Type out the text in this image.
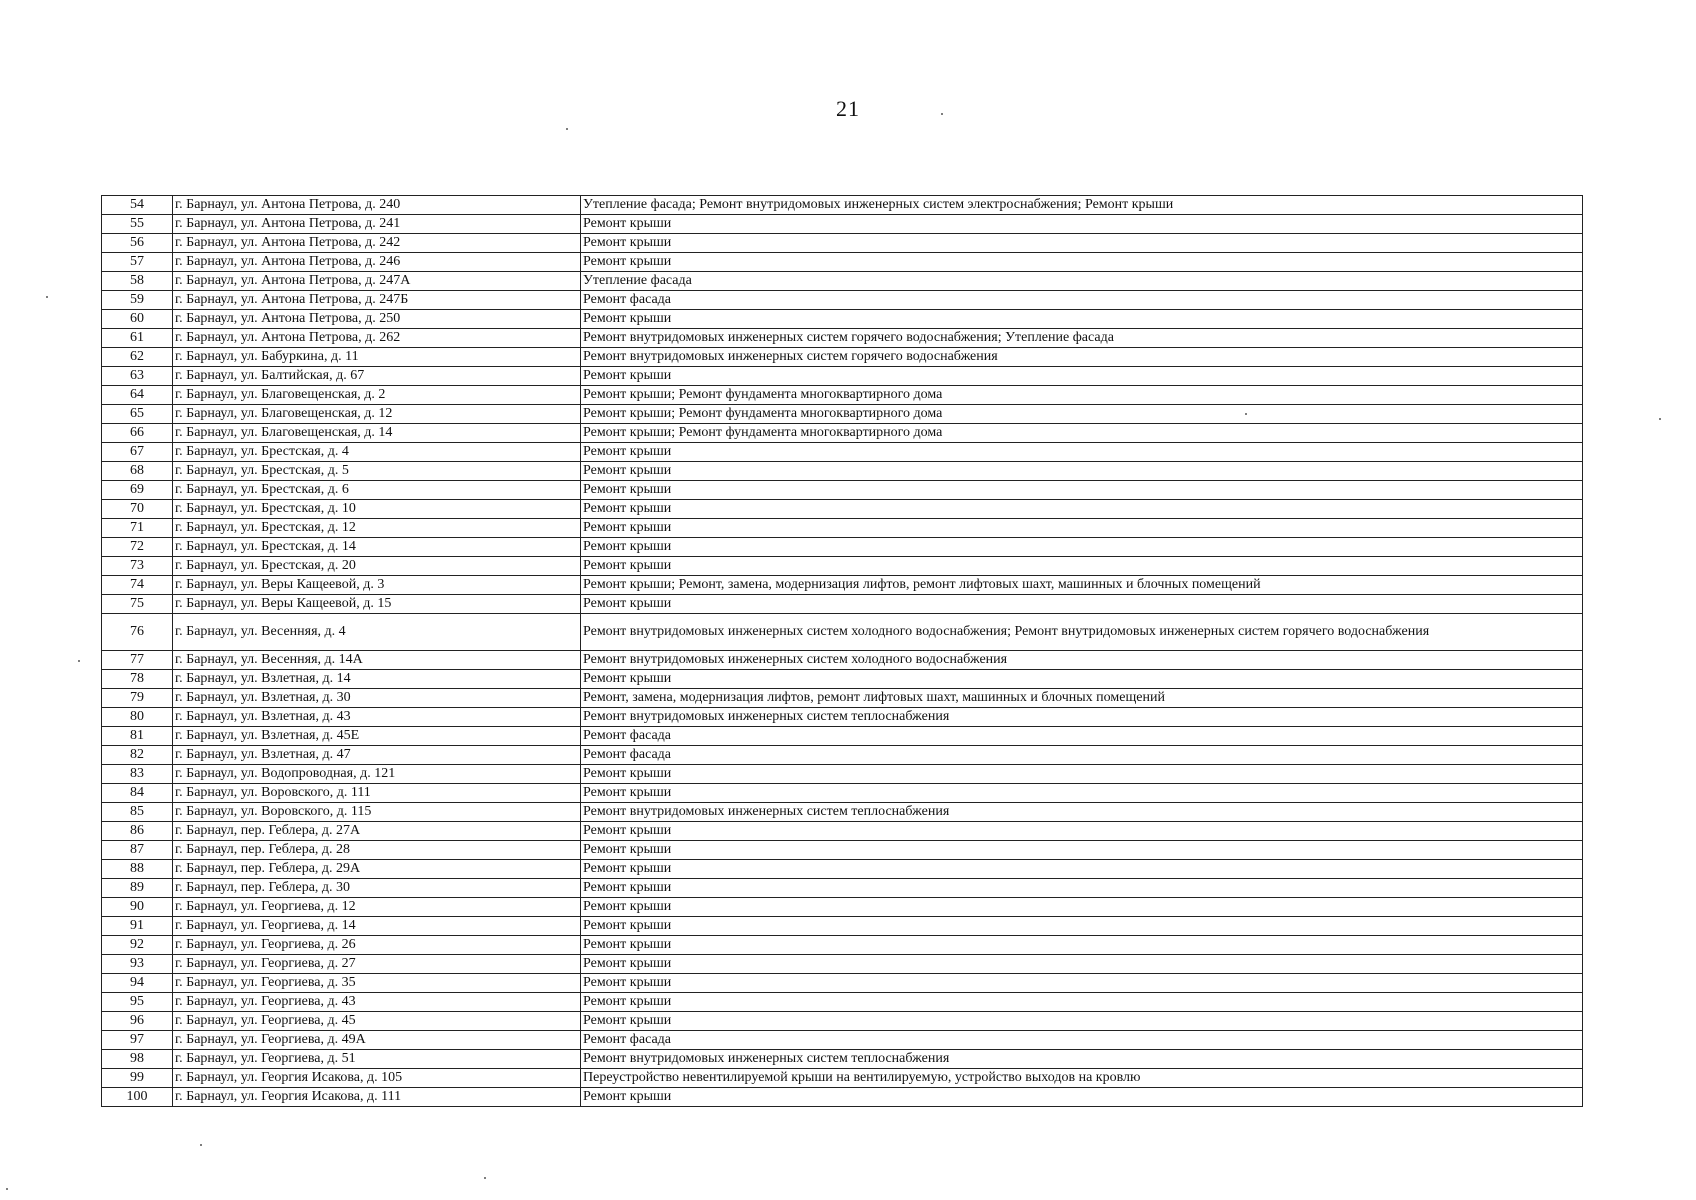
21
54	г. Барнаул, ул. Антона Петрова, д. 240	Утепление фасада; Ремонт внутридомовых инженерных систем электроснабжения; Ремонт крыши
55	г. Барнаул, ул. Антона Петрова, д. 241	Ремонт крыши
56	г. Барнаул, ул. Антона Петрова, д. 242	Ремонт крыши
57	г. Барнаул, ул. Антона Петрова, д. 246	Ремонт крыши
58	г. Барнаул, ул. Антона Петрова, д. 247А	Утепление фасада
59	г. Барнаул, ул. Антона Петрова, д. 247Б	Ремонт фасада
60	г. Барнаул, ул. Антона Петрова, д. 250	Ремонт крыши
61	г. Барнаул, ул. Антона Петрова, д. 262	Ремонт внутридомовых инженерных систем горячего водоснабжения; Утепление фасада
62	г. Барнаул, ул. Бабуркина, д. 11	Ремонт внутридомовых инженерных систем горячего водоснабжения
63	г. Барнаул, ул. Балтийская, д. 67	Ремонт крыши
64	г. Барнаул, ул. Благовещенская, д. 2	Ремонт крыши; Ремонт фундамента многоквартирного дома
65	г. Барнаул, ул. Благовещенская, д. 12	Ремонт крыши; Ремонт фундамента многоквартирного дома
66	г. Барнаул, ул. Благовещенская, д. 14	Ремонт крыши; Ремонт фундамента многоквартирного дома
67	г. Барнаул, ул. Брестская, д. 4	Ремонт крыши
68	г. Барнаул, ул. Брестская, д. 5	Ремонт крыши
69	г. Барнаул, ул. Брестская, д. 6	Ремонт крыши
70	г. Барнаул, ул. Брестская, д. 10	Ремонт крыши
71	г. Барнаул, ул. Брестская, д. 12	Ремонт крыши
72	г. Барнаул, ул. Брестская, д. 14	Ремонт крыши
73	г. Барнаул, ул. Брестская, д. 20	Ремонт крыши
74	г. Барнаул, ул. Веры Кащеевой, д. 3	Ремонт крыши; Ремонт, замена, модернизация лифтов, ремонт лифтовых шахт, машинных и блочных помещений
75	г. Барнаул, ул. Веры Кащеевой, д. 15	Ремонт крыши
76	г. Барнаул, ул. Весенняя, д. 4	Ремонт внутридомовых инженерных систем холодного водоснабжения; Ремонт внутридомовых инженерных систем горячего водоснабжения
77	г. Барнаул, ул. Весенняя, д. 14А	Ремонт внутридомовых инженерных систем холодного водоснабжения
78	г. Барнаул, ул. Взлетная, д. 14	Ремонт крыши
79	г. Барнаул, ул. Взлетная, д. 30	Ремонт, замена, модернизация лифтов, ремонт лифтовых шахт, машинных и блочных помещений
80	г. Барнаул, ул. Взлетная, д. 43	Ремонт внутридомовых инженерных систем теплоснабжения
81	г. Барнаул, ул. Взлетная, д. 45Е	Ремонт фасада
82	г. Барнаул, ул. Взлетная, д. 47	Ремонт фасада
83	г. Барнаул, ул. Водопроводная, д. 121	Ремонт крыши
84	г. Барнаул, ул. Воровского, д. 111	Ремонт крыши
85	г. Барнаул, ул. Воровского, д. 115	Ремонт внутридомовых инженерных систем теплоснабжения
86	г. Барнаул, пер. Геблера, д. 27А	Ремонт крыши
87	г. Барнаул, пер. Геблера, д. 28	Ремонт крыши
88	г. Барнаул, пер. Геблера, д. 29А	Ремонт крыши
89	г. Барнаул, пер. Геблера, д. 30	Ремонт крыши
90	г. Барнаул, ул. Георгиева, д. 12	Ремонт крыши
91	г. Барнаул, ул. Георгиева, д. 14	Ремонт крыши
92	г. Барнаул, ул. Георгиева, д. 26	Ремонт крыши
93	г. Барнаул, ул. Георгиева, д. 27	Ремонт крыши
94	г. Барнаул, ул. Георгиева, д. 35	Ремонт крыши
95	г. Барнаул, ул. Георгиева, д. 43	Ремонт крыши
96	г. Барнаул, ул. Георгиева, д. 45	Ремонт крыши
97	г. Барнаул, ул. Георгиева, д. 49А	Ремонт фасада
98	г. Барнаул, ул. Георгиева, д. 51	Ремонт внутридомовых инженерных систем теплоснабжения
99	г. Барнаул, ул. Георгия Исакова, д. 105	Переустройство невентилируемой крыши на вентилируемую, устройство выходов на кровлю
100	г. Барнаул, ул. Георгия Исакова, д. 111	Ремонт крыши
